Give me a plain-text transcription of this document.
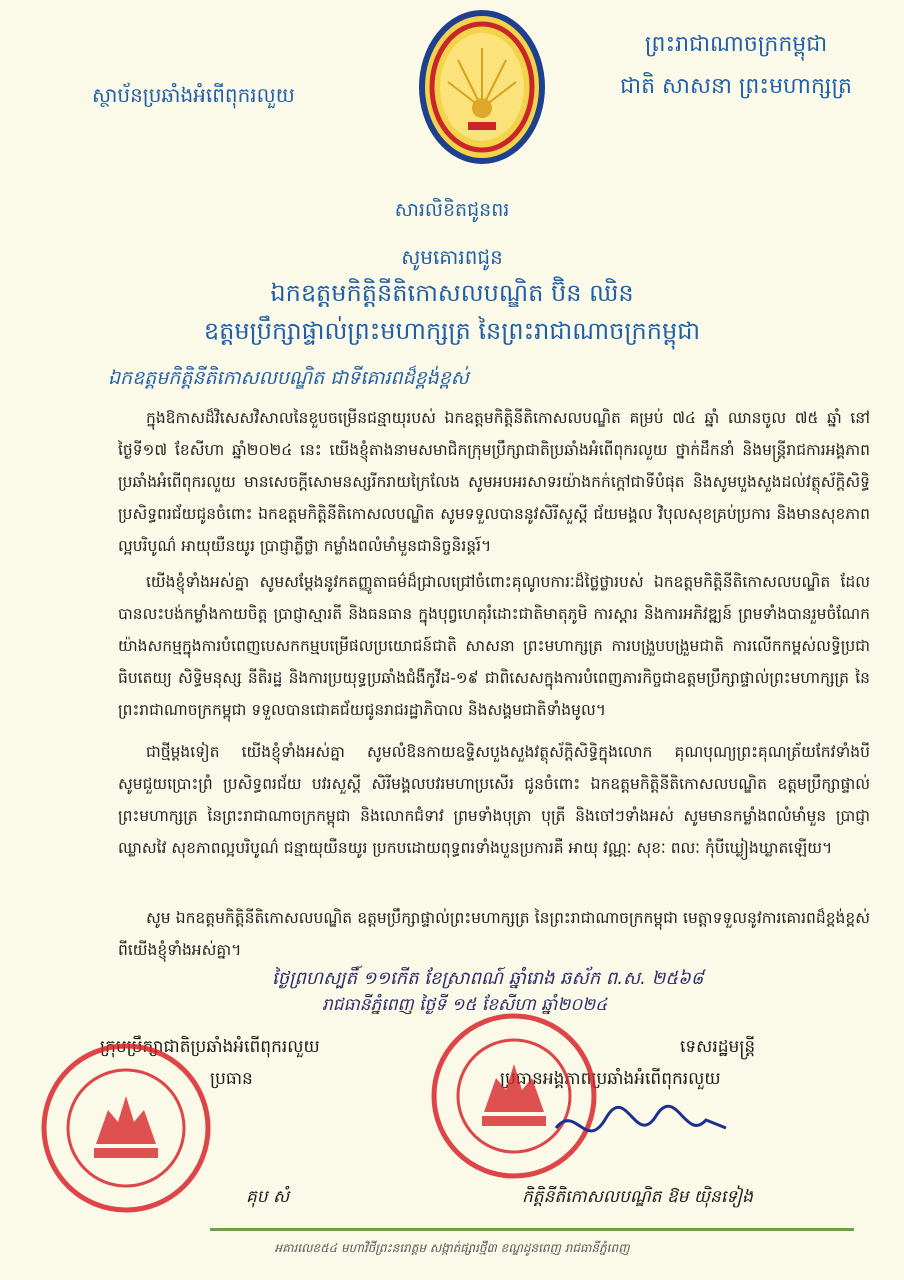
ស្ថាប័នប្រឆាំងអំពើពុករលួយ
ព្រះរាជាណាចក្រកម្ពុជា
ជាតិ សាសនា ព្រះមហាក្សត្រ
សារលិខិតជូនពរ
សូមគោរពជូន
ឯកឧត្តមកិត្តិនីតិកោសលបណ្ឌិត ប៊ិន ឈិន
ឧត្តមប្រឹក្សាផ្ទាល់ព្រះមហាក្សត្រ នៃព្រះរាជាណាចក្រកម្ពុជា
ឯកឧត្តមកិត្តិនីតិកោសលបណ្ឌិត ជាទីគោរពដ៏ខ្ពង់ខ្ពស់
ក្នុងឱកាសដ៏វិសេសវិសាលនៃខួបចម្រើនជន្មាយុរបស់ ឯកឧត្តមកិត្តិនីតិកោសលបណ្ឌិត គម្រប់ ៧៤ ឆ្នាំ ឈានចូល ៧៥ ឆ្នាំ នៅថ្ងៃទី១៧ ខែសីហា ឆ្នាំ២០២៤ នេះ យើងខ្ញុំតាងនាមសមាជិកក្រុមប្រឹក្សាជាតិប្រឆាំងអំពើពុករលួយ ថ្នាក់ដឹកនាំ និងមន្ត្រីរាជការអង្គភាពប្រឆាំងអំពើពុករលួយ មានសេចក្តីសោមនស្សរីករាយក្រៃលែង សូមអបអរសាទរយ៉ាងកក់ក្តៅជាទីបំផុត និងសូមបួងសួងដល់វត្ថុស័ក្តិសិទ្ធិប្រសិទ្ធពរជ័យជូនចំពោះ ឯកឧត្តមកិត្តិនីតិកោសលបណ្ឌិត សូមទទួលបាននូវសិរីសួស្តី ជ័យមង្គល វិបុលសុខគ្រប់ប្រការ និងមានសុខភាពល្អបរិបូណ៌ អាយុយឺនយូរ ប្រាជ្ញាភ្លឺថ្លា កម្លាំងពលំមាំមួនជានិច្ចនិរន្តរ៍។
យើងខ្ញុំទាំងអស់គ្នា សូមសម្តែងនូវកតញ្ញូតាធម៌ដ៏ជ្រាលជ្រៅចំពោះគុណូបការៈដ៏ថ្លៃថ្លារបស់ ឯកឧត្តមកិត្តិនីតិកោសលបណ្ឌិត ដែលបានលះបង់កម្លាំងកាយចិត្ត ប្រាជ្ញាស្មារតី និងធនធាន ក្នុងបុព្វហេតុរំដោះជាតិមាតុភូមិ ការស្តារ និងការអភិវឌ្ឍន៍ ព្រមទាំងបានរួមចំណែកយ៉ាងសកម្មក្នុងការបំពេញបេសកកម្មបម្រើផលប្រយោជន៍ជាតិ សាសនា ព្រះមហាក្សត្រ ការបង្រួបបង្រួមជាតិ ការលើកកម្ពស់លទ្ធិប្រជាធិបតេយ្យ សិទ្ធិមនុស្ស នីតិរដ្ឋ និងការប្រយុទ្ធប្រឆាំងជំងឺកូវីដ-១៩ ជាពិសេសក្នុងការបំពេញភារកិច្ចជាឧត្តមប្រឹក្សាផ្ទាល់ព្រះមហាក្សត្រ នៃព្រះរាជាណាចក្រកម្ពុជា ទទួលបានជោគជ័យជូនរាជរដ្ឋាភិបាល និងសង្គមជាតិទាំងមូល។
ជាថ្មីម្តងទៀត យើងខ្ញុំទាំងអស់គ្នា សូមលំឱនកាយឧទ្ទិសបួងសួងវត្ថុស័ក្តិសិទ្ធិក្នុងលោក គុណបុណ្យព្រះគុណត្រ័យកែវទាំងបី សូមជួយប្រោះព្រំ ប្រសិទ្ធពរជ័យ បវរសួស្តី សិរីមង្គលបវរមហាប្រសើរ ជូនចំពោះ ឯកឧត្តមកិត្តិនីតិកោសលបណ្ឌិត ឧត្តមប្រឹក្សាផ្ទាល់ព្រះមហាក្សត្រ នៃព្រះរាជាណាចក្រកម្ពុជា និងលោកជំទាវ ព្រមទាំងបុត្រា បុត្រី និងចៅៗទាំងអស់ សូមមានកម្លាំងពលំមាំមួន ប្រាជ្ញាឈ្លាសវៃ សុខភាពល្អបរិបូណ៌ ជន្មាយុយឺនយូរ ប្រកបដោយពុទ្ធពរទាំងបួនប្រការគឺ អាយុ វណ្ណៈ សុខៈ ពលៈ កុំបីឃ្លៀងឃ្លាតឡើយ។
សូម ឯកឧត្តមកិត្តិនីតិកោសលបណ្ឌិត ឧត្តមប្រឹក្សាផ្ទាល់ព្រះមហាក្សត្រ នៃព្រះរាជាណាចក្រកម្ពុជា មេត្តាទទួលនូវការគោរពដ៏ខ្ពង់ខ្ពស់ ពីយើងខ្ញុំទាំងអស់គ្នា។
ថ្ងៃព្រហស្បតិ៍ ១១កើត ខែស្រាពណ៍ ឆ្នាំរោង ឆស័ក ព.ស. ២៥៦៨
រាជធានីភ្នំពេញ ថ្ងៃទី ១៥ ខែសីហា ឆ្នាំ២០២៤
ក្រុមប្រឹក្សាជាតិប្រឆាំងអំពើពុករលួយ
ប្រធាន
គុប សំ
ទេសរដ្ឋមន្ត្រី
ប្រធានអង្គភាពប្រឆាំងអំពើពុករលួយ
កិត្តិនីតិកោសលបណ្ឌិត ឱម យ៉ិនទៀង
អគារលេខ៥៤ មហាវិថីព្រះនរោត្តម សង្កាត់ផ្សារថ្មី៣ ខណ្ឌដូនពេញ រាជធានីភ្នំពេញ
